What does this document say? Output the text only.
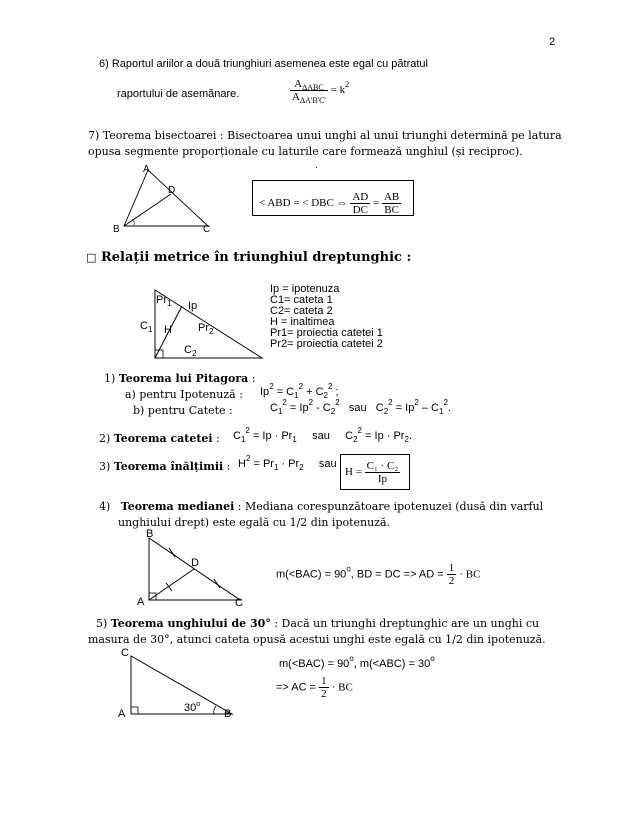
2
6) Raportul ariilor a două triunghiuri asemenea este egal cu pătratul
raportului de asemănare.	$\frac{A_{\Delta ABC}}{A_{\Delta A'B'C'}} = k^2$
7) Teorema bisectoarei : Bisectoarea unui unghi al unui triunghi determină pe latura
opusa segmente proporționale cu laturile care formează unghiul (și reciproc).
.
A
B	C
D
< ABD = < DBC ⇔ $\frac{AD}{DC} = \frac{AB}{BC}$
□ Relații metrice în triunghiul dreptunghic :
$Pr_1$ Ip
$Pr_2$
$C_1$ H
$C_2$
Ip = ipotenuza
C1= cateta 1
C2= cateta 2
H = inaltimea
Pr1= proiectia catetei 1
Pr2= proiectia catetei 2
1) Teorema lui Pitagora :
a) pentru Ipotenuză : $Ip^2 = C_1^2 + C_2^2$ ;
b) pentru Catete :	$C_1^2 = Ip^2 - C_2^2$ sau $C_2^2 = Ip^2 - C_1^2$.
2) Teorema catetei : $C_1^2 = Ip \cdot Pr_1$ sau $C_2^2 = Ip \cdot Pr_2$.
3) Teorema înălțimii : $H^2 = Pr_1 \cdot Pr_2$ sau
$H = \frac{\text{C₁ · C₂}}{Ip}$
4) Teorema medianei : Mediana corespunzătoare ipotenuzei (dusă din varful
unghiului drept) este egală cu 1/2 din ipotenuză.
B
A	C
D
$m(<BAC) = 90^o$, BD = DC => AD = $\frac{1}{2}$ · BC
5) Teorema unghiului de 30° : Dacă un triunghi dreptunghic are un unghi cu
masura de 30°, atunci cateta opusă acestui unghi este egală cu 1/2 din ipotenuză.
C
A	B
30$^o$
$m(<BAC) = 90^o$, $m(<ABC) = 30^o$
=> AC = $\frac{1}{2}$ · BC
